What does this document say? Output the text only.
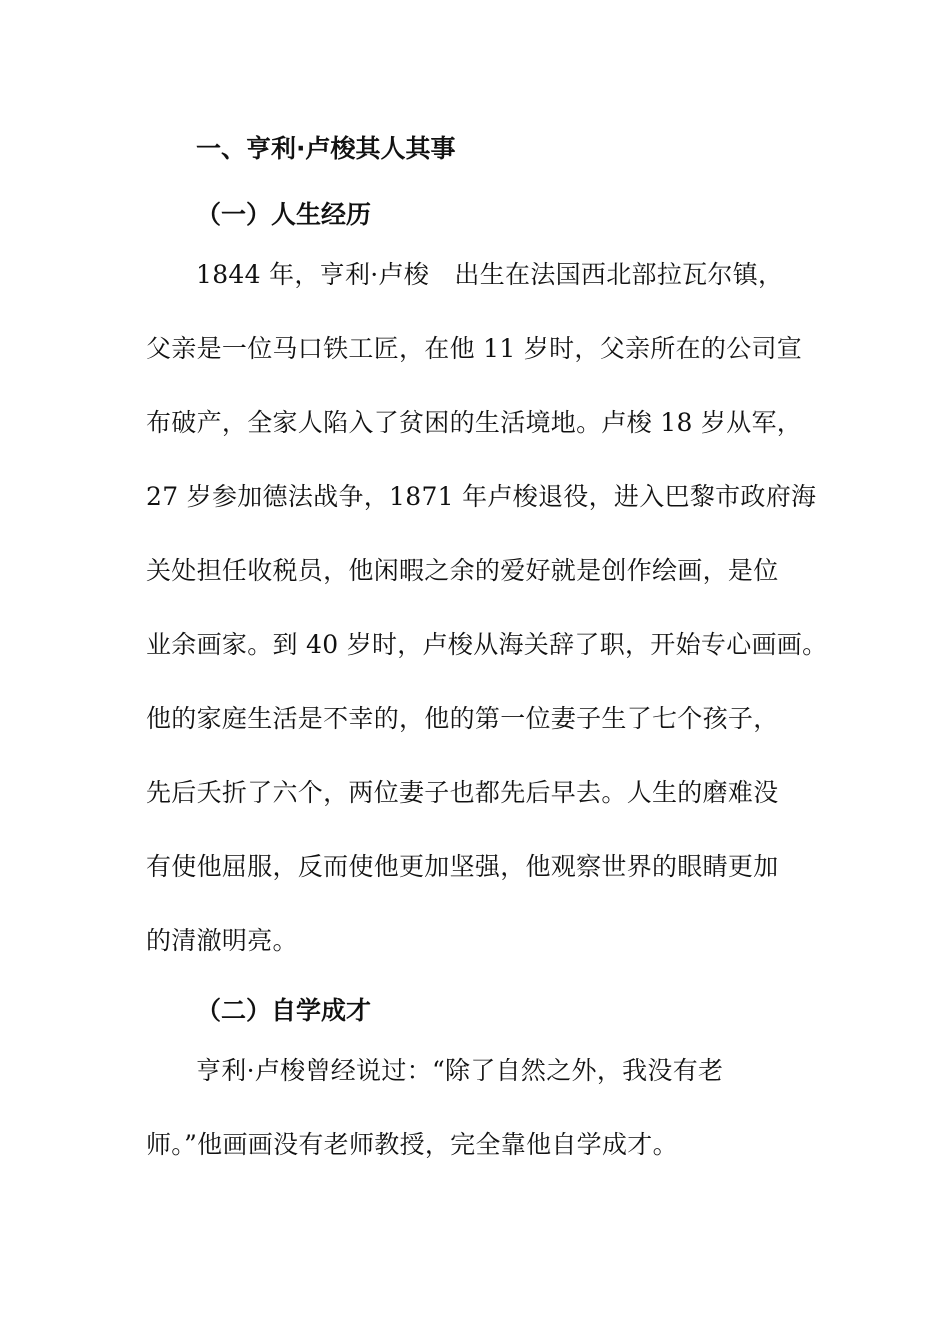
一、亨利·卢梭其人其事
（一）人生经历
1844 年，亨利·卢梭　出生在法国西北部拉瓦尔镇，
父亲是一位马口铁工匠，在他 11 岁时，父亲所在的公司宣
布破产，全家人陷入了贫困的生活境地。卢梭 18 岁从军，
27 岁参加德法战争，1871 年卢梭退役，进入巴黎市政府海
关处担任收税员，他闲暇之余的爱好就是创作绘画，是位
业余画家。到 40 岁时，卢梭从海关辞了职，开始专心画画。
他的家庭生活是不幸的，他的第一位妻子生了七个孩子，
先后夭折了六个，两位妻子也都先后早去。人生的磨难没
有使他屈服，反而使他更加坚强，他观察世界的眼睛更加
的清澈明亮。
（二）自学成才
亨利·卢梭曾经说过：“除了自然之外，我没有老
师。”他画画没有老师教授，完全靠他自学成才。
